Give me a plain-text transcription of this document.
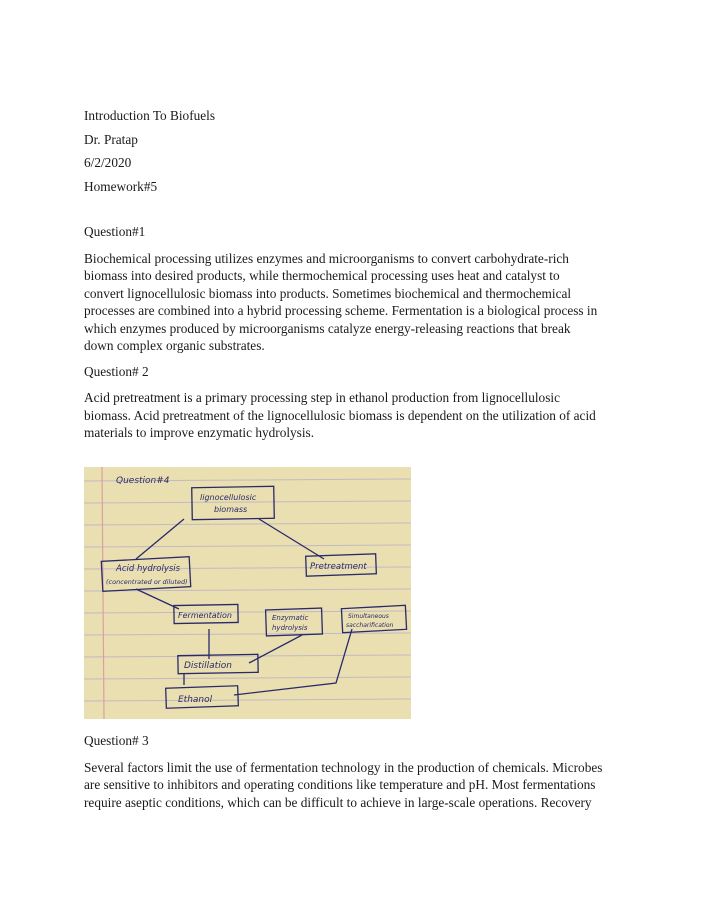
Introduction To Biofuels

Dr. Pratap

6/2/2020

Homework#5

Question#1

Biochemical processing utilizes enzymes and microorganisms to convert carbohydrate-rich

biomass into desired products, while thermochemical processing uses heat and catalyst to

convert lignocellulosic biomass into products. Sometimes biochemical and thermochemical

processes are combined into a hybrid processing scheme. Fermentation is a biological process in

which enzymes produced by microorganisms catalyze energy-releasing reactions that break

down complex organic substrates.

Question# 2

Acid pretreatment is a primary processing step in ethanol production from lignocellulosic

biomass. Acid pretreatment of the lignocellulosic biomass is dependent on the utilization of acid

materials to improve enzymatic hydrolysis.

Question#4
lignocellulosic
biomass
Acid hydrolysis
(concentrated or diluted)
Pretreatment
Fermentation	Enzymatic
hydrolysis
Simultaneous
saccharification
Distillation
Ethanol

Question# 3

Several factors limit the use of fermentation technology in the production of chemicals. Microbes

are sensitive to inhibitors and operating conditions like temperature and pH. Most fermentations

require aseptic conditions, which can be difficult to achieve in large-scale operations. Recovery
